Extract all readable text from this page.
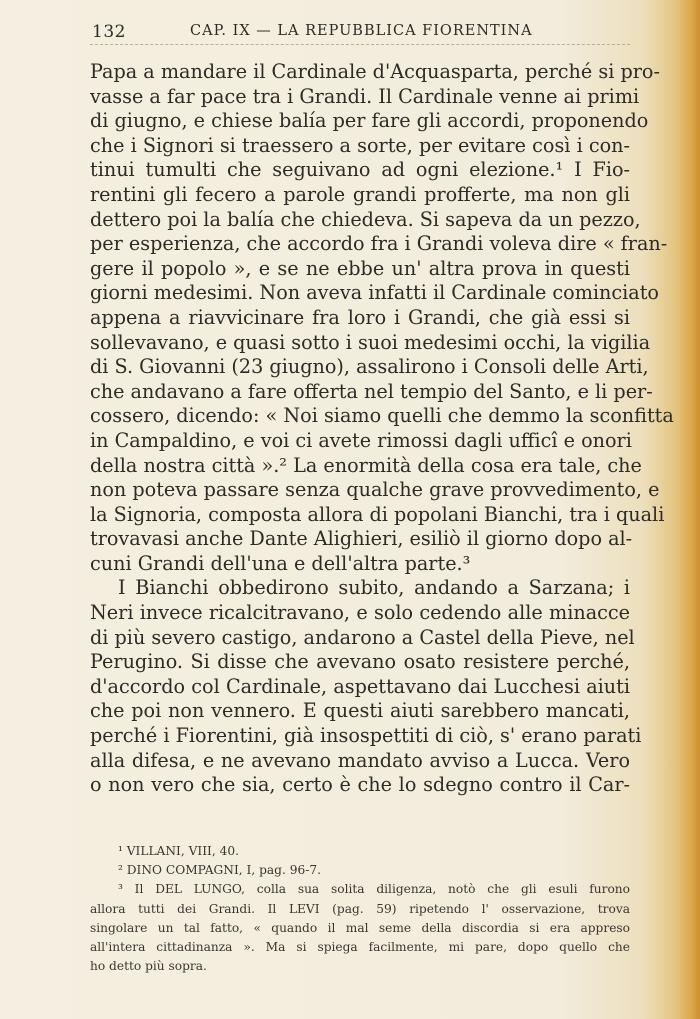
132	CAP. IX — LA REPUBBLICA FIORENTINA
Papa a mandare il Cardinale d'Acquasparta, perché si pro-
vasse a far pace tra i Grandi. Il Cardinale venne ai primi
di giugno, e chiese balía per fare gli accordi, proponendo
che i Signori si traessero a sorte, per evitare così i con-
tinui tumulti che seguivano ad ogni elezione.¹ I Fio-
rentini gli fecero a parole grandi profferte, ma non gli
dettero poi la balía che chiedeva. Si sapeva da un pezzo,
per esperienza, che accordo fra i Grandi voleva dire « fran-
gere il popolo », e se ne ebbe un' altra prova in questi
giorni medesimi. Non aveva infatti il Cardinale cominciato
appena a riavvicinare fra loro i Grandi, che già essi si
sollevavano, e quasi sotto i suoi medesimi occhi, la vigilia
di S. Giovanni (23 giugno), assalirono i Consoli delle Arti,
che andavano a fare offerta nel tempio del Santo, e li per-
cossero, dicendo: « Noi siamo quelli che demmo la sconfitta
in Campaldino, e voi ci avete rimossi dagli ufficî e onori
della nostra città ».² La enormità della cosa era tale, che
non poteva passare senza qualche grave provvedimento, e
la Signoria, composta allora di popolani Bianchi, tra i quali
trovavasi anche Dante Alighieri, esiliò il giorno dopo al-
cuni Grandi dell'una e dell'altra parte.³
I Bianchi obbedirono subito, andando a Sarzana; i
Neri invece ricalcitravano, e solo cedendo alle minacce
di più severo castigo, andarono a Castel della Pieve, nel
Perugino. Si disse che avevano osato resistere perché,
d'accordo col Cardinale, aspettavano dai Lucchesi aiuti
che poi non vennero. E questi aiuti sarebbero mancati,
perché i Fiorentini, già insospettiti di ciò, s' erano parati
alla difesa, e ne avevano mandato avviso a Lucca. Vero
o non vero che sia, certo è che lo sdegno contro il Car-
¹ VILLANI, VIII, 40.
² DINO COMPAGNI, I, pag. 96-7.
³ Il DEL LUNGO, colla sua solita diligenza, notò che gli esuli furono
allora tutti dei Grandi. Il LEVI (pag. 59) ripetendo l' osservazione, trova
singolare un tal fatto, « quando il mal seme della discordia si era appreso
all'intera cittadinanza ». Ma si spiega facilmente, mi pare, dopo quello che
ho detto più sopra.
